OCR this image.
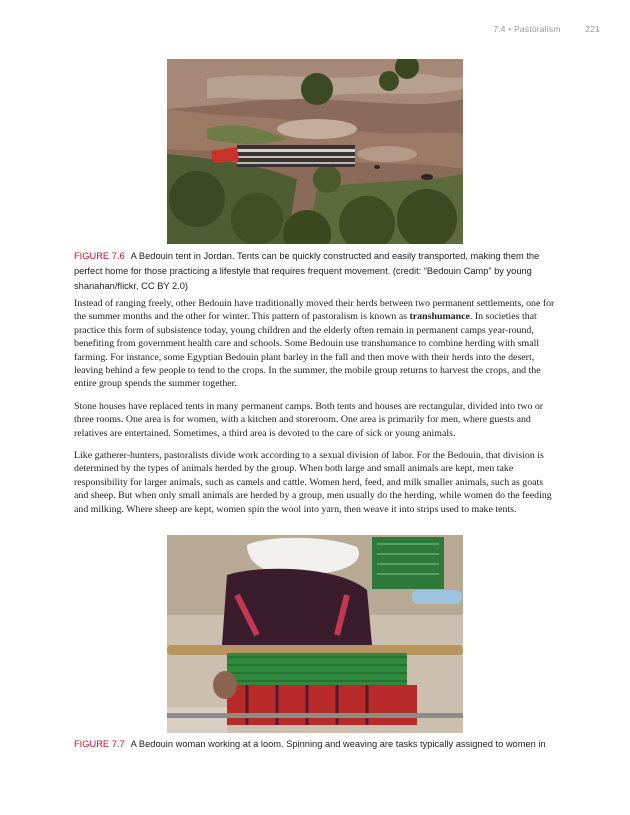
7.4 • Pastoralism	221
FIGURE 7.6 A Bedouin tent in Jordan. Tents can be quickly constructed and easily transported, making them the perfect home for those practicing a lifestyle that requires frequent movement. (credit: “Bedouin Camp” by young shanahan/flickr, CC BY 2.0)

Instead of ranging freely, other Bedouin have traditionally moved their herds between two permanent settlements, one for the summer months and the other for winter. This pattern of pastoralism is known as transhumance. In societies that practice this form of subsistence today, young children and the elderly often remain in permanent camps year-round, benefiting from government health care and schools. Some Bedouin use transhumance to combine herding with small farming. For instance, some Egyptian Bedouin plant barley in the fall and then move with their herds into the desert, leaving behind a few people to tend to the crops. In the summer, the mobile group returns to harvest the crops, and the entire group spends the summer together.

Stone houses have replaced tents in many permanent camps. Both tents and houses are rectangular, divided into two or three rooms. One area is for women, with a kitchen and storeroom. One area is primarily for men, where guests and relatives are entertained. Sometimes, a third area is devoted to the care of sick or young animals.

Like gatherer-hunters, pastoralists divide work according to a sexual division of labor. For the Bedouin, that division is determined by the types of animals herded by the group. When both large and small animals are kept, men take responsibility for larger animals, such as camels and cattle. Women herd, feed, and milk smaller animals, such as goats and sheep. But when only small animals are herded by a group, men usually do the herding, while women do the feeding and milking. Where sheep are kept, women spin the wool into yarn, then weave it into strips used to make tents.

FIGURE 7.7 A Bedouin woman working at a loom. Spinning and weaving are tasks typically assigned to women in
